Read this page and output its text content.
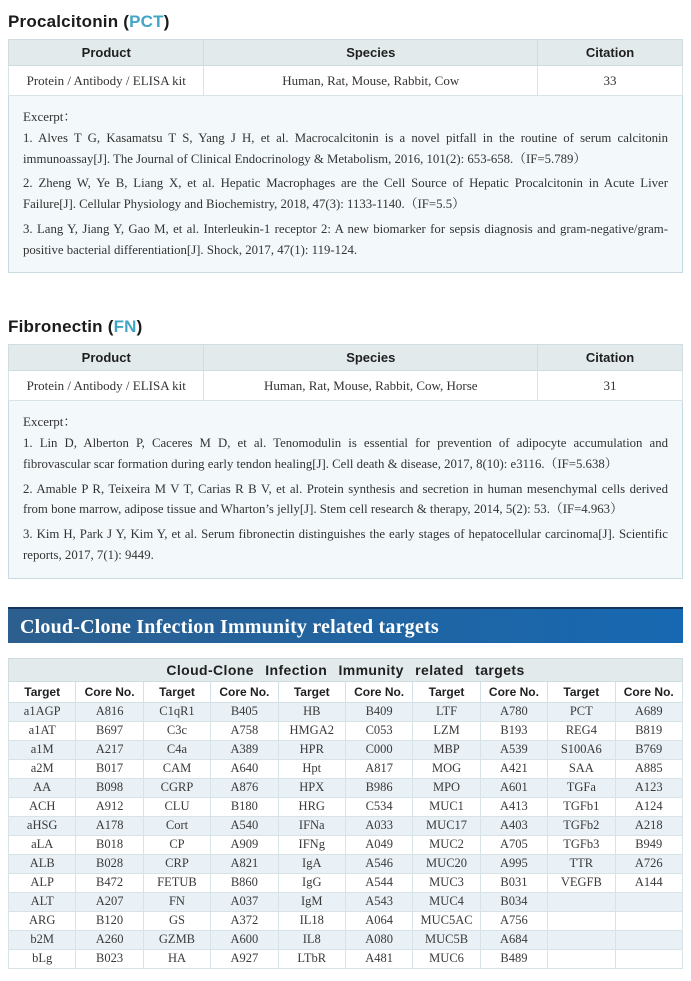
Procalcitonin (PCT)
Product	Species	Citation
Protein / Antibody / ELISA kit	Human, Rat, Mouse, Rabbit, Cow	33
Excerpt：

1. Alves T G, Kasamatsu T S, Yang J H, et al. Macrocalcitonin is a novel pitfall in the routine of serum calcitonin immunoassay[J]. The Journal of Clinical Endocrinology & Metabolism, 2016, 101(2): 653-658.（IF=5.789）

2. Zheng W, Ye B, Liang X, et al. Hepatic Macrophages are the Cell Source of Hepatic Procalcitonin in Acute Liver Failure[J]. Cellular Physiology and Biochemistry, 2018, 47(3): 1133-1140.（IF=5.5）

3. Lang Y, Jiang Y, Gao M, et al. Interleukin-1 receptor 2: A new biomarker for sepsis diagnosis and gram-negative/gram-positive bacterial differentiation[J]. Shock, 2017, 47(1): 119-124.

Fibronectin (FN)
Product	Species	Citation
Protein / Antibody / ELISA kit	Human, Rat, Mouse, Rabbit, Cow, Horse	31
Excerpt：

1. Lin D, Alberton P, Caceres M D, et al. Tenomodulin is essential for prevention of adipocyte accumulation and fibrovascular scar formation during early tendon healing[J]. Cell death & disease, 2017, 8(10): e3116.（IF=5.638）

2. Amable P R, Teixeira M V T, Carias R B V, et al. Protein synthesis and secretion in human mesenchymal cells derived from bone marrow, adipose tissue and Wharton’s jelly[J]. Stem cell research & therapy, 2014, 5(2): 53.（IF=4.963）

3. Kim H, Park J Y, Kim Y, et al. Serum fibronectin distinguishes the early stages of hepatocellular carcinoma[J]. Scientific reports, 2017, 7(1): 9449.

Cloud-Clone Infection Immunity related targets
Cloud-Clone Infection Immunity related targets									
Target	Core No.	Target	Core No.	Target	Core No.	Target	Core No.	Target	Core No.
a1AGP	A816	C1qR1	B405	HB	B409	LTF	A780	PCT	A689
a1AT	B697	C3c	A758	HMGA2	C053	LZM	B193	REG4	B819
a1M	A217	C4a	A389	HPR	C000	MBP	A539	S100A6	B769
a2M	B017	CAM	A640	Hpt	A817	MOG	A421	SAA	A885
AA	B098	CGRP	A876	HPX	B986	MPO	A601	TGFa	A123
ACH	A912	CLU	B180	HRG	C534	MUC1	A413	TGFb1	A124
aHSG	A178	Cort	A540	IFNa	A033	MUC17	A403	TGFb2	A218
aLA	B018	CP	A909	IFNg	A049	MUC2	A705	TGFb3	B949
ALB	B028	CRP	A821	IgA	A546	MUC20	A995	TTR	A726
ALP	B472	FETUB	B860	IgG	A544	MUC3	B031	VEGFB	A144
ALT	A207	FN	A037	IgM	A543	MUC4	B034		
ARG	B120	GS	A372	IL18	A064	MUC5AC	A756		
b2M	A260	GZMB	A600	IL8	A080	MUC5B	A684		
bLg	B023	HA	A927	LTbR	A481	MUC6	B489		
